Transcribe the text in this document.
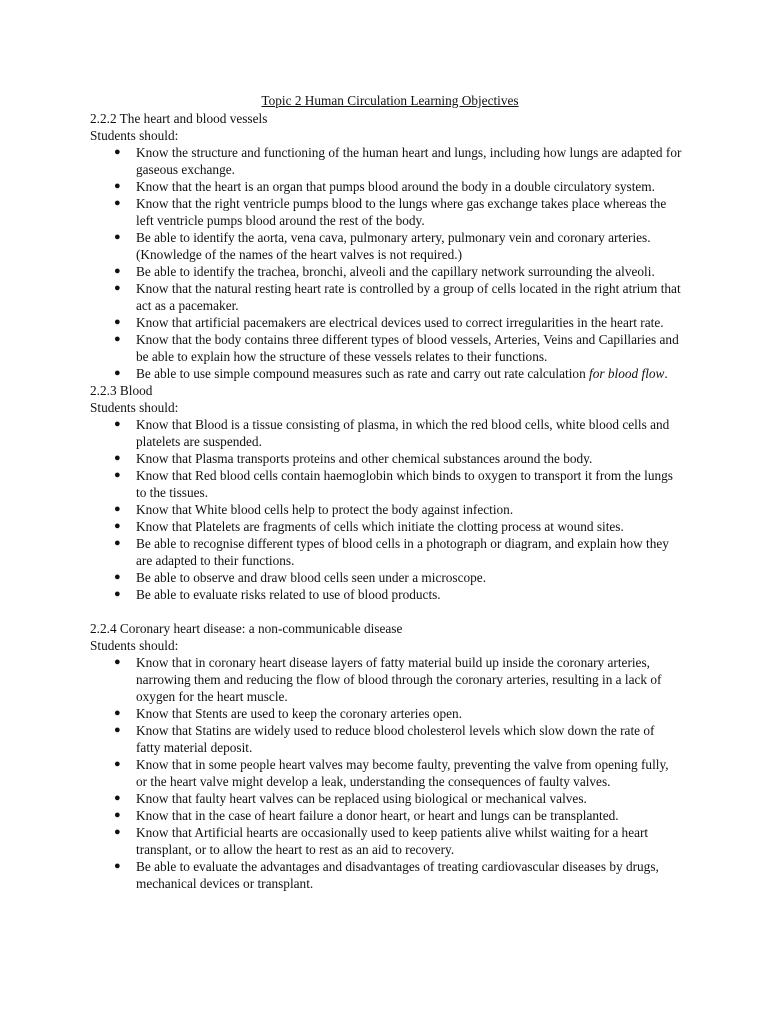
Topic 2 Human Circulation Learning Objectives
2.2.2 The heart and blood vessels
Students should:
● Know the structure and functioning of the human heart and lungs, including how lungs are adapted for gaseous exchange.
● Know that the heart is an organ that pumps blood around the body in a double circulatory system.
● Know that the right ventricle pumps blood to the lungs where gas exchange takes place whereas the left ventricle pumps blood around the rest of the body.
● Be able to identify the aorta, vena cava, pulmonary artery, pulmonary vein and coronary arteries. (Knowledge of the names of the heart valves is not required.)
● Be able to identify the trachea, bronchi, alveoli and the capillary network surrounding the alveoli.
● Know that the natural resting heart rate is controlled by a group of cells located in the right atrium that act as a pacemaker.
● Know that artificial pacemakers are electrical devices used to correct irregularities in the heart rate.
● Know that the body contains three different types of blood vessels, Arteries, Veins and Capillaries and be able to explain how the structure of these vessels relates to their functions.
● Be able to use simple compound measures such as rate and carry out rate calculation for blood flow.
2.2.3 Blood
Students should:
● Know that Blood is a tissue consisting of plasma, in which the red blood cells, white blood cells and platelets are suspended.
● Know that Plasma transports proteins and other chemical substances around the body.
● Know that Red blood cells contain haemoglobin which binds to oxygen to transport it from the lungs to the tissues.
● Know that White blood cells help to protect the body against infection.
● Know that Platelets are fragments of cells which initiate the clotting process at wound sites.
● Be able to recognise different types of blood cells in a photograph or diagram, and explain how they are adapted to their functions.
● Be able to observe and draw blood cells seen under a microscope.
● Be able to evaluate risks related to use of blood products.
2.2.4 Coronary heart disease: a non-communicable disease
Students should:
● Know that in coronary heart disease layers of fatty material build up inside the coronary arteries, narrowing them and reducing the flow of blood through the coronary arteries, resulting in a lack of oxygen for the heart muscle.
● Know that Stents are used to keep the coronary arteries open.
● Know that Statins are widely used to reduce blood cholesterol levels which slow down the rate of fatty material deposit.
● Know that in some people heart valves may become faulty, preventing the valve from opening fully, or the heart valve might develop a leak, understanding the consequences of faulty valves.
● Know that faulty heart valves can be replaced using biological or mechanical valves.
● Know that in the case of heart failure a donor heart, or heart and lungs can be transplanted.
● Know that Artificial hearts are occasionally used to keep patients alive whilst waiting for a heart transplant, or to allow the heart to rest as an aid to recovery.
● Be able to evaluate the advantages and disadvantages of treating cardiovascular diseases by drugs, mechanical devices or transplant.
